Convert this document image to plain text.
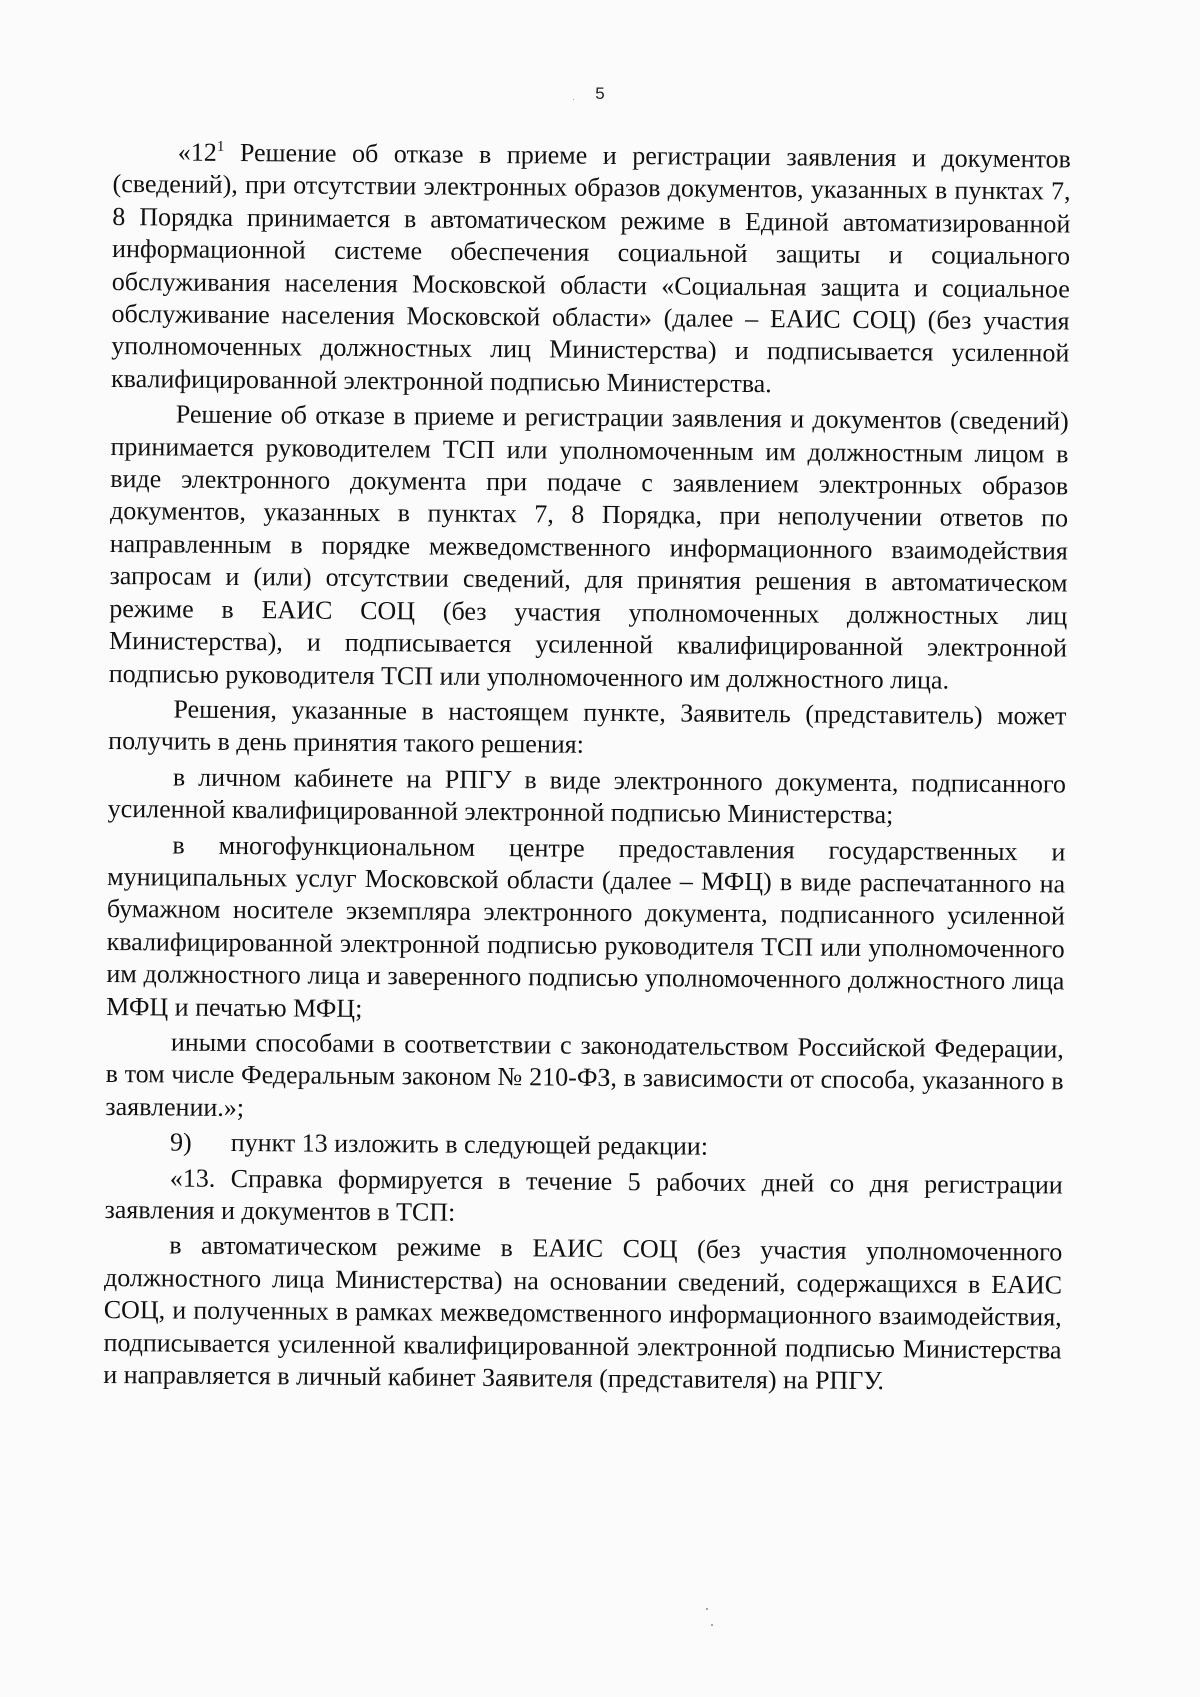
5

«$12^1$ Решение об отказе в приеме и регистрации заявления и документов (сведений), при отсутствии электронных образов документов, указанных в пунктах 7, 8 Порядка принимается в автоматическом режиме в Единой автоматизированной информационной системе обеспечения социальной защиты и социального обслуживания населения Московской области «Социальная защита и социальное обслуживание населения Московской области» (далее – ЕАИС СОЦ) (без участия уполномоченных должностных лиц Министерства) и подписывается усиленной квалифицированной электронной подписью Министерства.

Решение об отказе в приеме и регистрации заявления и документов (сведений) принимается руководителем ТСП или уполномоченным им должностным лицом в виде электронного документа при подаче с заявлением электронных образов документов, указанных в пунктах 7, 8 Порядка, при неполучении ответов по направленным в порядке межведомственного информационного взаимодействия запросам и (или) отсутствии сведений, для принятия решения в автоматическом режиме в ЕАИС СОЦ (без участия уполномоченных должностных лиц Министерства), и подписывается усиленной квалифицированной электронной подписью руководителя ТСП или уполномоченного им должностного лица.

Решения, указанные в настоящем пункте, Заявитель (представитель) может получить в день принятия такого решения:

в личном кабинете на РПГУ в виде электронного документа, подписанного усиленной квалифицированной электронной подписью Министерства;

в многофункциональном центре предоставления государственных и муниципальных услуг Московской области (далее – МФЦ) в виде распечатанного на бумажном носителе экземпляра электронного документа, подписанного усиленной квалифицированной электронной подписью руководителя ТСП или уполномоченного им должностного лица и заверенного подписью уполномоченного должностного лица МФЦ и печатью МФЦ;

иными способами в соответствии с законодательством Российской Федерации, в том числе Федеральным законом № 210-ФЗ, в зависимости от способа, указанного в заявлении.»;

9)      пункт 13 изложить в следующей редакции:

«13. Справка формируется в течение 5 рабочих дней со дня регистрации заявления и документов в ТСП:

в автоматическом режиме в ЕАИС СОЦ (без участия уполномоченного должностного лица Министерства) на основании сведений, содержащихся в ЕАИС СОЦ, и полученных в рамках межведомственного информационного взаимодействия, подписывается усиленной квалифицированной электронной подписью Министерства и направляется в личный кабинет Заявителя (представителя) на РПГУ.
